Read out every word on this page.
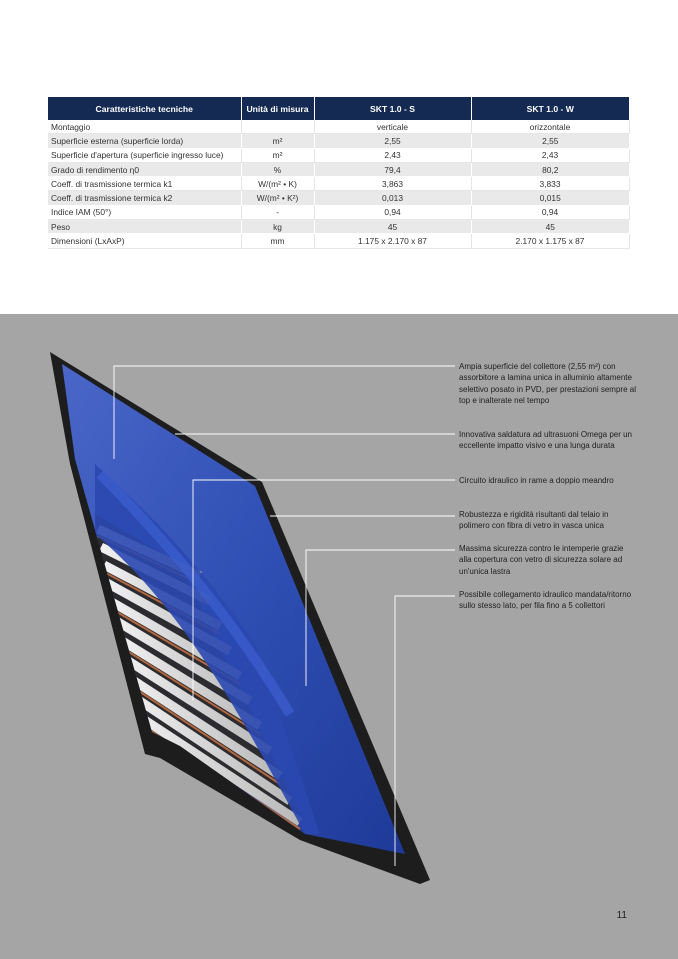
Caratteristiche tecniche	Unità di misura	SKT 1.0 - S	SKT 1.0 - W
Montaggio		verticale	orizzontale
Superficie esterna (superficie lorda)	m²	2,55	2,55
Superficie d'apertura (superficie ingresso luce)	m²	2,43	2,43
Grado di rendimento η0	%	79,4	80,2
Coeff. di trasmissione termica k1	W/(m² • K)	3,863	3,833
Coeff. di trasmissione termica k2	W/(m² • K²)	0,013	0,015
Indice IAM (50°)	-	0,94	0,94
Peso	kg	45	45
Dimensioni (LxAxP)	mm	1.175 x 2.170 x 87	2.170 x 1.175 x 87
Ampia superficie del collettore (2,55 m²) con assorbitore a lamina unica in alluminio altamente selettivo posato in PVD, per prestazioni sempre al top e inalterate nel tempo
Innovativa saldatura ad ultrasuoni Omega per un eccellente impatto visivo e una lunga durata
Circuito idraulico in rame a doppio meandro
Robustezza e rigidità risultanti dal telaio in polimero con fibra di vetro in vasca unica
Massima sicurezza contro le intemperie grazie alla copertura con vetro di sicurezza solare ad un'unica lastra
Possibile collegamento idraulico mandata/ritorno sullo stesso lato, per fila fino a 5 collettori
11
